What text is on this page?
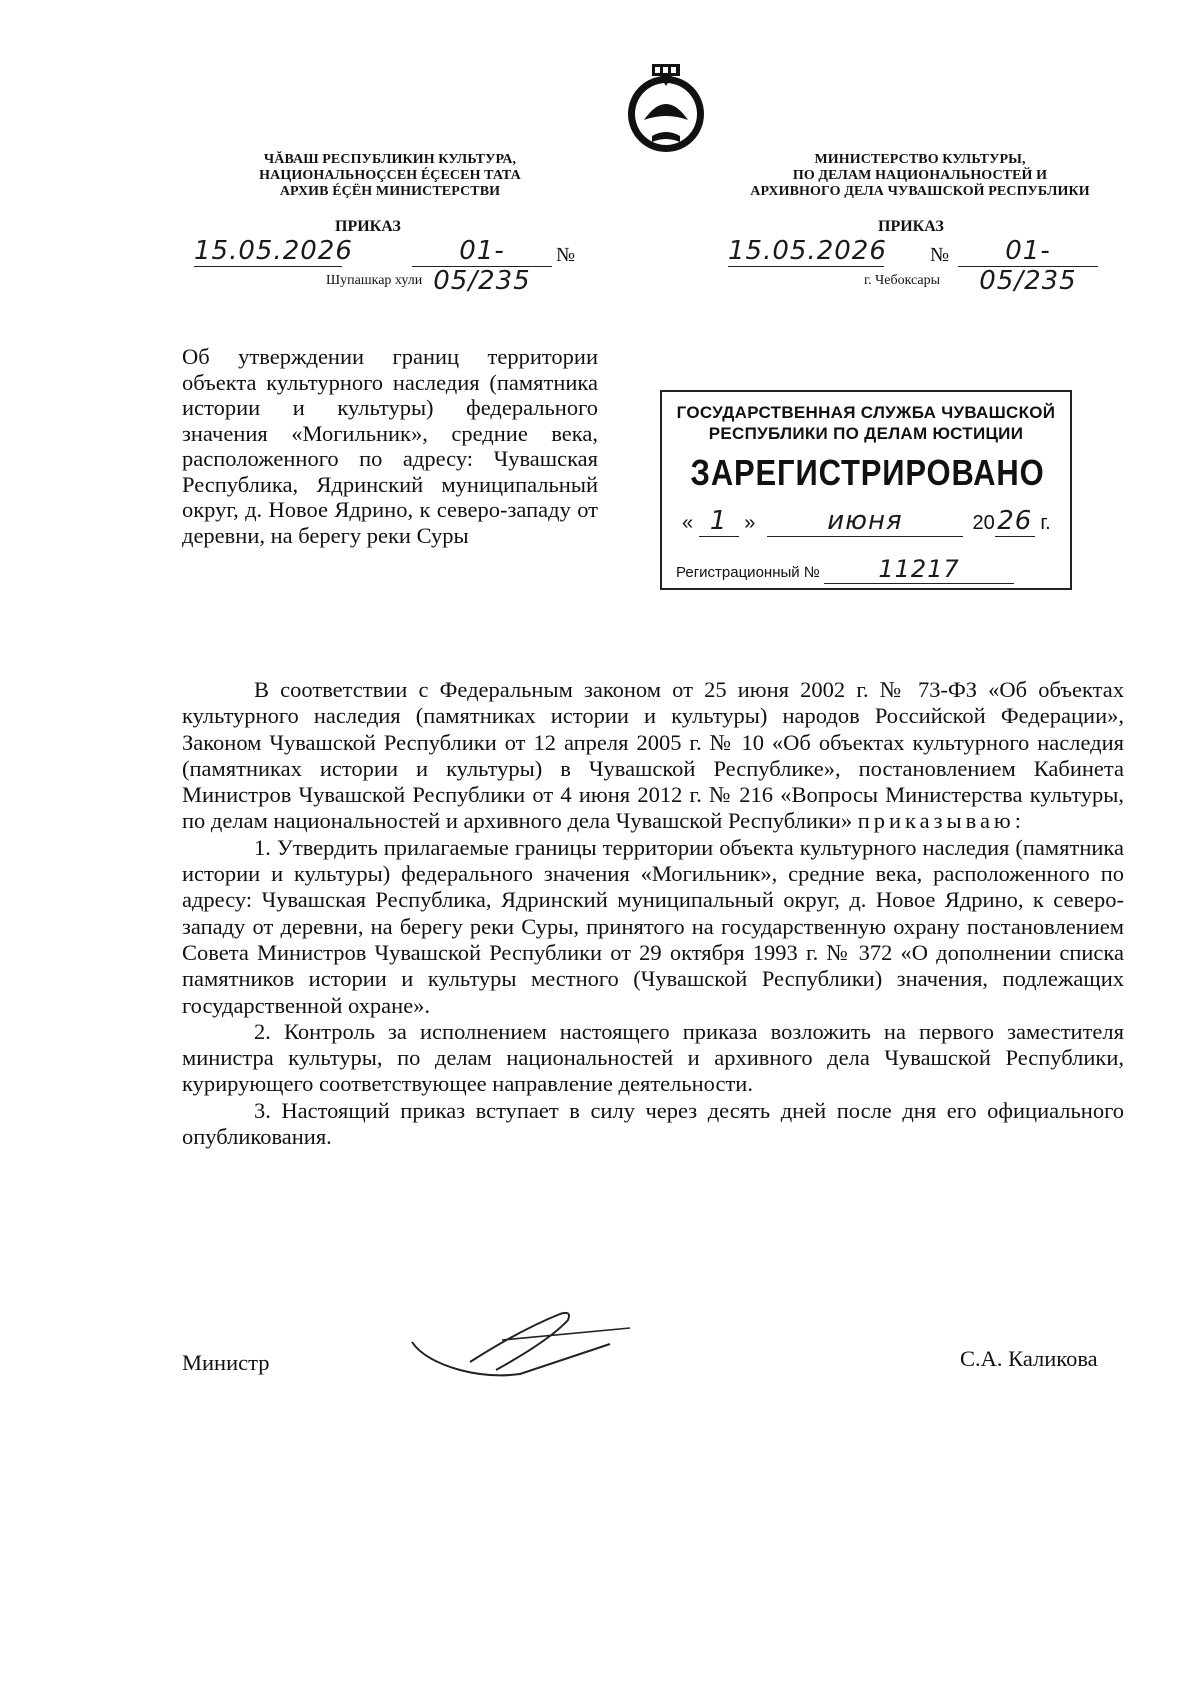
ЧĂВАШ РЕСПУБЛИКИН КУЛЬТУРА,
НАЦИОНАЛЬНОÇСЕН ÉÇЕСЕН ТАТА
АРХИВ ÉÇЁН МИНИСТЕРСТВИ
ПРИКАЗ
15.05.2026	01-05/235
№
Шупашкар хули
МИНИСТЕРСТВО КУЛЬТУРЫ,
ПО ДЕЛАМ НАЦИОНАЛЬНОСТЕЙ И
АРХИВНОГО ДЕЛА ЧУВАШСКОЙ РЕСПУБЛИКИ
ПРИКАЗ
15.05.2026 №	01-05/235
г. Чебоксары
Об утверждении границ территории объекта культурного наследия (памятника истории и культуры) федерального значения «Могильник», средние века, расположенного по адресу: Чувашская Республика, Ядринский муниципальный округ, д. Новое Ядрино, к северо-западу от деревни, на берегу реки Суры
ГОСУДАРСТВЕННАЯ СЛУЖБА ЧУВАШСКОЙ
РЕСПУБЛИКИ ПО ДЕЛАМ ЮСТИЦИИ
ЗАРЕГИСТРИРОВАНО
« 1 »	июня	2026 г.
Регистрационный № 11217

В соответствии с Федеральным законом от 25 июня 2002 г. № 73-ФЗ «Об объектах культурного наследия (памятниках истории и культуры) народов Российской Федерации», Законом Чувашской Республики от 12 апреля 2005 г. № 10 «Об объектах культурного наследия (памятниках истории и культуры) в Чувашской Республике», постановлением Кабинета Министров Чувашской Республики от 4 июня 2012 г. № 216 «Вопросы Министерства культуры, по делам национальностей и архивного дела Чувашской Республики» приказываю:

1. Утвердить прилагаемые границы территории объекта культурного наследия (памятника истории и культуры) федерального значения «Могильник», средние века, расположенного по адресу: Чувашская Республика, Ядринский муниципальный округ, д. Новое Ядрино, к северо-западу от деревни, на берегу реки Суры, принятого на государственную охрану постановлением Совета Министров Чувашской Республики от 29 октября 1993 г. № 372 «О дополнении списка памятников истории и культуры местного (Чувашской Республики) значения, подлежащих государственной охране».

2. Контроль за исполнением настоящего приказа возложить на первого заместителя министра культуры, по делам национальностей и архивного дела Чувашской Республики, курирующего соответствующее направление деятельности.

3. Настоящий приказ вступает в силу через десять дней после дня его официального опубликования.

Министр	С.А. Каликова
